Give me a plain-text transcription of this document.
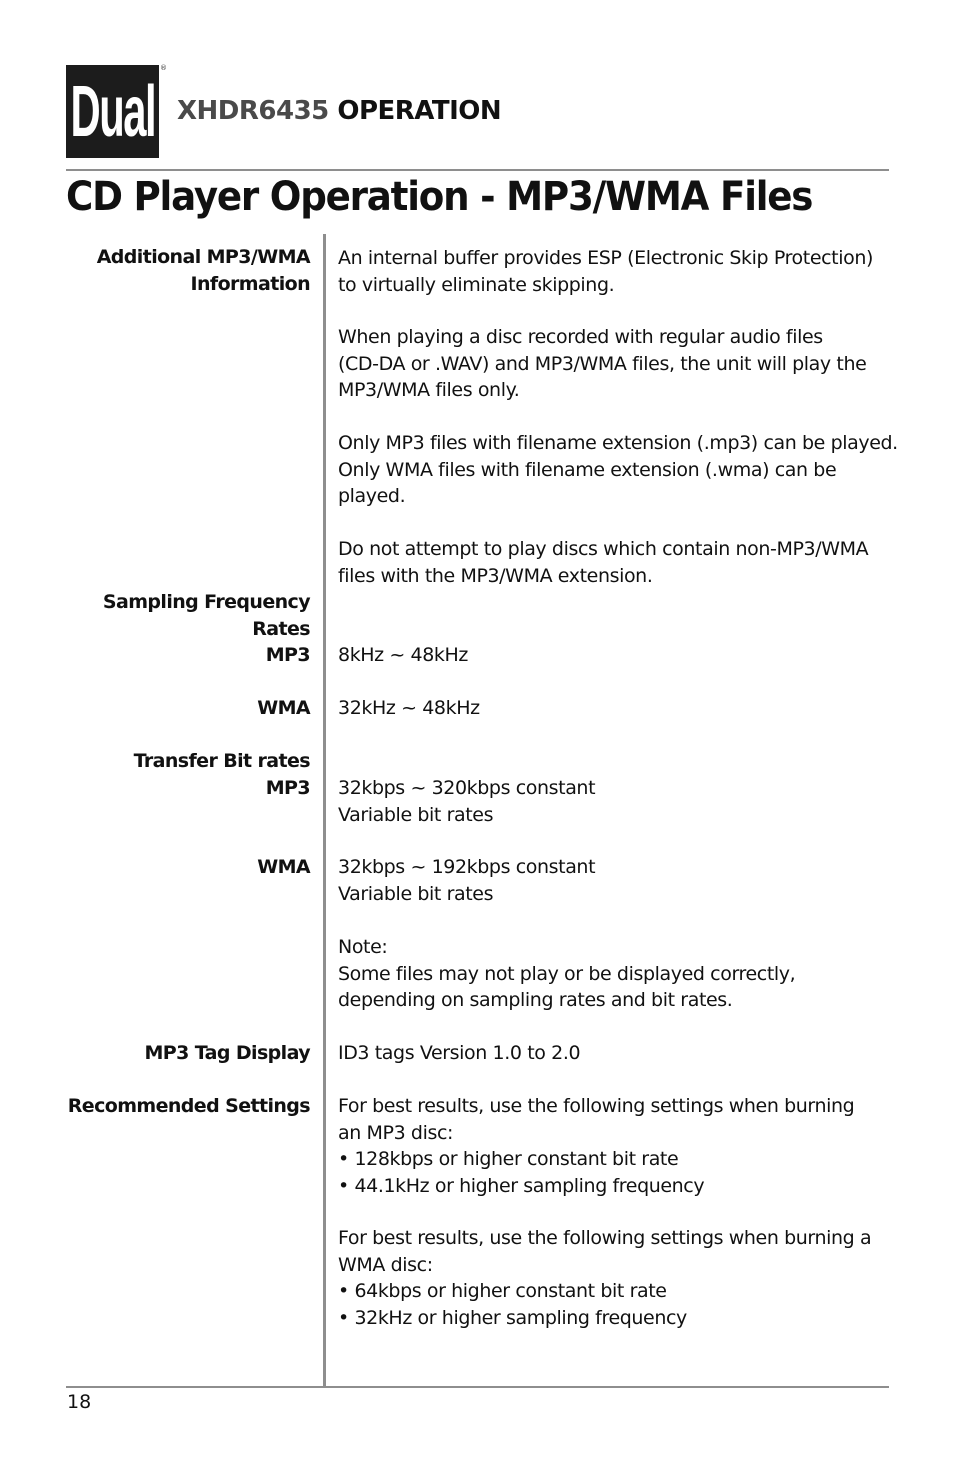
Dual
®
XHDR6435 OPERATION
CD Player Operation - MP3/WMA Files
Additional MP3/WMA
Information
Sampling Frequency
Rates
MP3
WMA
Transfer Bit rates
MP3
WMA
MP3 Tag Display
Recommended Settings
An internal buffer provides ESP (Electronic Skip Protection)
to virtually eliminate skipping.
When playing a disc recorded with regular audio files
(CD-DA or .WAV) and MP3/WMA files, the unit will play the
MP3/WMA files only.
Only MP3 files with filename extension (.mp3) can be played.
Only WMA files with filename extension (.wma) can be
played.
Do not attempt to play discs which contain non-MP3/WMA
files with the MP3/WMA extension.
8kHz ~ 48kHz
32kHz ~ 48kHz
32kbps ~ 320kbps constant
Variable bit rates
32kbps ~ 192kbps constant
Variable bit rates
Note:
Some files may not play or be displayed correctly,
depending on sampling rates and bit rates.
ID3 tags Version 1.0 to 2.0
For best results, use the following settings when burning
an MP3 disc:
• 128kbps or higher constant bit rate
• 44.1kHz or higher sampling frequency
For best results, use the following settings when burning a
WMA disc:
• 64kbps or higher constant bit rate
• 32kHz or higher sampling frequency
18
